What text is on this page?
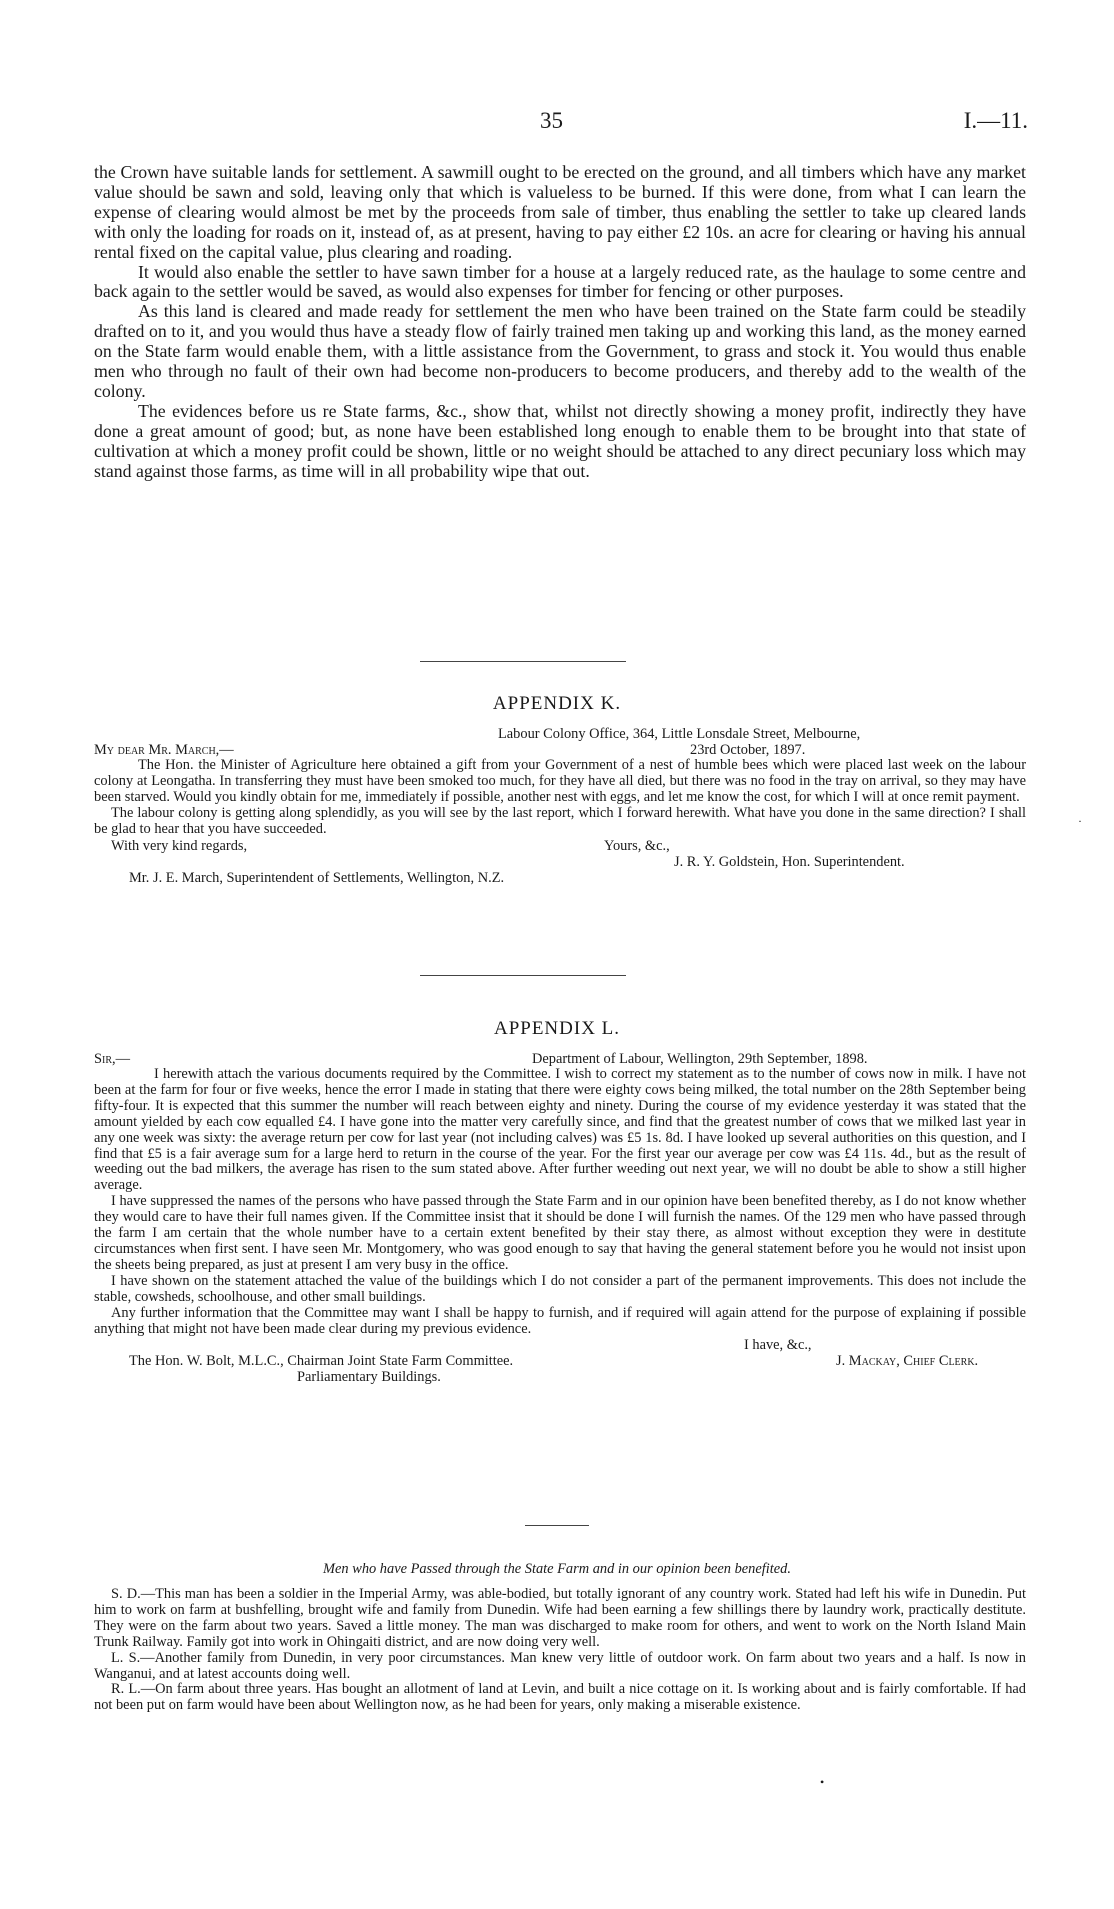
35	I.—11.

the Crown have suitable lands for settlement. A sawmill ought to be erected on the ground, and all timbers which have any market value should be sawn and sold, leaving only that which is valueless to be burned. If this were done, from what I can learn the expense of clearing would almost be met by the proceeds from sale of timber, thus enabling the settler to take up cleared lands with only the loading for roads on it, instead of, as at present, having to pay either £2 10s. an acre for clearing or having his annual rental fixed on the capital value, plus clearing and roading.

It would also enable the settler to have sawn timber for a house at a largely reduced rate, as the haulage to some centre and back again to the settler would be saved, as would also expenses for timber for fencing or other purposes.

As this land is cleared and made ready for settlement the men who have been trained on the State farm could be steadily drafted on to it, and you would thus have a steady flow of fairly trained men taking up and working this land, as the money earned on the State farm would enable them, with a little assistance from the Government, to grass and stock it. You would thus enable men who through no fault of their own had become non-producers to become producers, and thereby add to the wealth of the colony.

The evidences before us re State farms, &c., show that, whilst not directly showing a money profit, indirectly they have done a great amount of good; but, as none have been established long enough to enable them to be brought into that state of cultivation at which a money profit could be shown, little or no weight should be attached to any direct pecuniary loss which may stand against those farms, as time will in all probability wipe that out.

APPENDIX K.
Labour Colony Office, 364, Little Lonsdale Street, Melbourne,
My dear Mr. March,—	23rd October, 1897.

The Hon. the Minister of Agriculture here obtained a gift from your Government of a nest of humble bees which were placed last week on the labour colony at Leongatha. In transferring they must have been smoked too much, for they have all died, but there was no food in the tray on arrival, so they may have been starved. Would you kindly obtain for me, immediately if possible, another nest with eggs, and let me know the cost, for which I will at once remit payment.

The labour colony is getting along splendidly, as you will see by the last report, which I forward herewith. What have you done in the same direction? I shall be glad to hear that you have succeeded.

With very kind regards,	Yours, &c.,
J. R. Y. Goldstein, Hon. Superintendent.
Mr. J. E. March, Superintendent of Settlements, Wellington, N.Z.
APPENDIX L.
Sir,—	Department of Labour, Wellington, 29th September, 1898.

I herewith attach the various documents required by the Committee. I wish to correct my statement as to the number of cows now in milk. I have not been at the farm for four or five weeks, hence the error I made in stating that there were eighty cows being milked, the total number on the 28th September being fifty-four. It is expected that this summer the number will reach between eighty and ninety. During the course of my evidence yesterday it was stated that the amount yielded by each cow equalled £4. I have gone into the matter very carefully since, and find that the greatest number of cows that we milked last year in any one week was sixty: the average return per cow for last year (not including calves) was £5 1s. 8d. I have looked up several authorities on this question, and I find that £5 is a fair average sum for a large herd to return in the course of the year. For the first year our average per cow was £4 11s. 4d., but as the result of weeding out the bad milkers, the average has risen to the sum stated above. After further weeding out next year, we will no doubt be able to show a still higher average.

I have suppressed the names of the persons who have passed through the State Farm and in our opinion have been benefited thereby, as I do not know whether they would care to have their full names given. If the Committee insist that it should be done I will furnish the names. Of the 129 men who have passed through the farm I am certain that the whole number have to a certain extent benefited by their stay there, as almost without exception they were in destitute circumstances when first sent. I have seen Mr. Montgomery, who was good enough to say that having the general statement before you he would not insist upon the sheets being prepared, as just at present I am very busy in the office.

I have shown on the statement attached the value of the buildings which I do not consider a part of the permanent improvements. This does not include the stable, cowsheds, schoolhouse, and other small buildings.

Any further information that the Committee may want I shall be happy to furnish, and if required will again attend for the purpose of explaining if possible anything that might not have been made clear during my previous evidence.

I have, &c.,
The Hon. W. Bolt, M.L.C., Chairman Joint State Farm Committee.	J. Mackay, Chief Clerk.
Parliamentary Buildings.
Men who have Passed through the State Farm and in our opinion been benefited.

S. D.—This man has been a soldier in the Imperial Army, was able-bodied, but totally ignorant of any country work. Stated had left his wife in Dunedin. Put him to work on farm at bushfelling, brought wife and family from Dunedin. Wife had been earning a few shillings there by laundry work, practically destitute. They were on the farm about two years. Saved a little money. The man was discharged to make room for others, and went to work on the North Island Main Trunk Railway. Family got into work in Ohingaiti district, and are now doing very well.

L. S.—Another family from Dunedin, in very poor circumstances. Man knew very little of outdoor work. On farm about two years and a half. Is now in Wanganui, and at latest accounts doing well.

R. L.—On farm about three years. Has bought an allotment of land at Levin, and built a nice cottage on it. Is working about and is fairly comfortable. If had not been put on farm would have been about Wellington now, as he had been for years, only making a miserable existence.

·
•
